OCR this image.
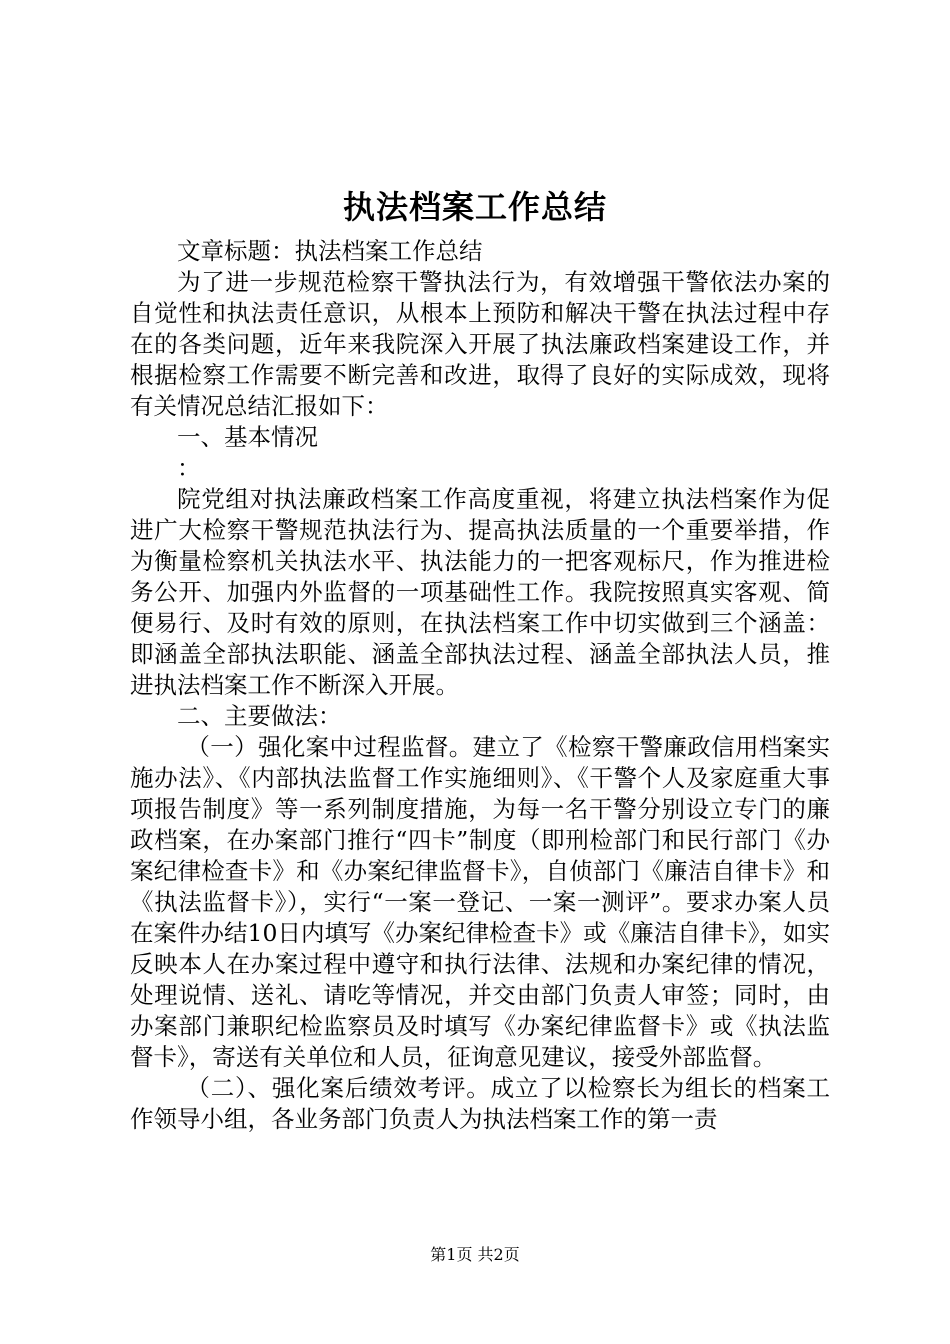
执法档案工作总结

文章标题：执法档案工作总结

为了进一步规范检察干警执法行为，有效增强干警依法办案的自觉性和执法责任意识，从根本上预防和解决干警在执法过程中存在的各类问题，近年来我院深入开展了执法廉政档案建设工作，并根据检察工作需要不断完善和改进，取得了良好的实际成效，现将有关情况总结汇报如下：

一、基本情况

：

院党组对执法廉政档案工作高度重视，将建立执法档案作为促进广大检察干警规范执法行为、提高执法质量的一个重要举措，作为衡量检察机关执法水平、执法能力的一把客观标尺，作为推进检务公开、加强内外监督的一项基础性工作。我院按照真实客观、简便易行、及时有效的原则，在执法档案工作中切实做到三个涵盖：即涵盖全部执法职能、涵盖全部执法过程、涵盖全部执法人员，推进执法档案工作不断深入开展。

二、主要做法：

（一）强化案中过程监督。建立了《检察干警廉政信用档案实施办法》、《内部执法监督工作实施细则》、《干警个人及家庭重大事项报告制度》等一系列制度措施，为每一名干警分别设立专门的廉政档案，在办案部门推行“四卡”制度（即刑检部门和民行部门《办案纪律检查卡》和《办案纪律监督卡》，自侦部门《廉洁自律卡》和《执法监督卡》），实行“一案一登记、一案一测评”。要求办案人员在案件办结10日内填写《办案纪律检查卡》或《廉洁自律卡》，如实反映本人在办案过程中遵守和执行法律、法规和办案纪律的情况，处理说情、送礼、请吃等情况，并交由部门负责人审签；同时，由办案部门兼职纪检监察员及时填写《办案纪律监督卡》或《执法监督卡》，寄送有关单位和人员，征询意见建议，接受外部监督。

（二）、强化案后绩效考评。成立了以检察长为组长的档案工作领导小组，各业务部门负责人为执法档案工作的第一责

第1页 共2页
